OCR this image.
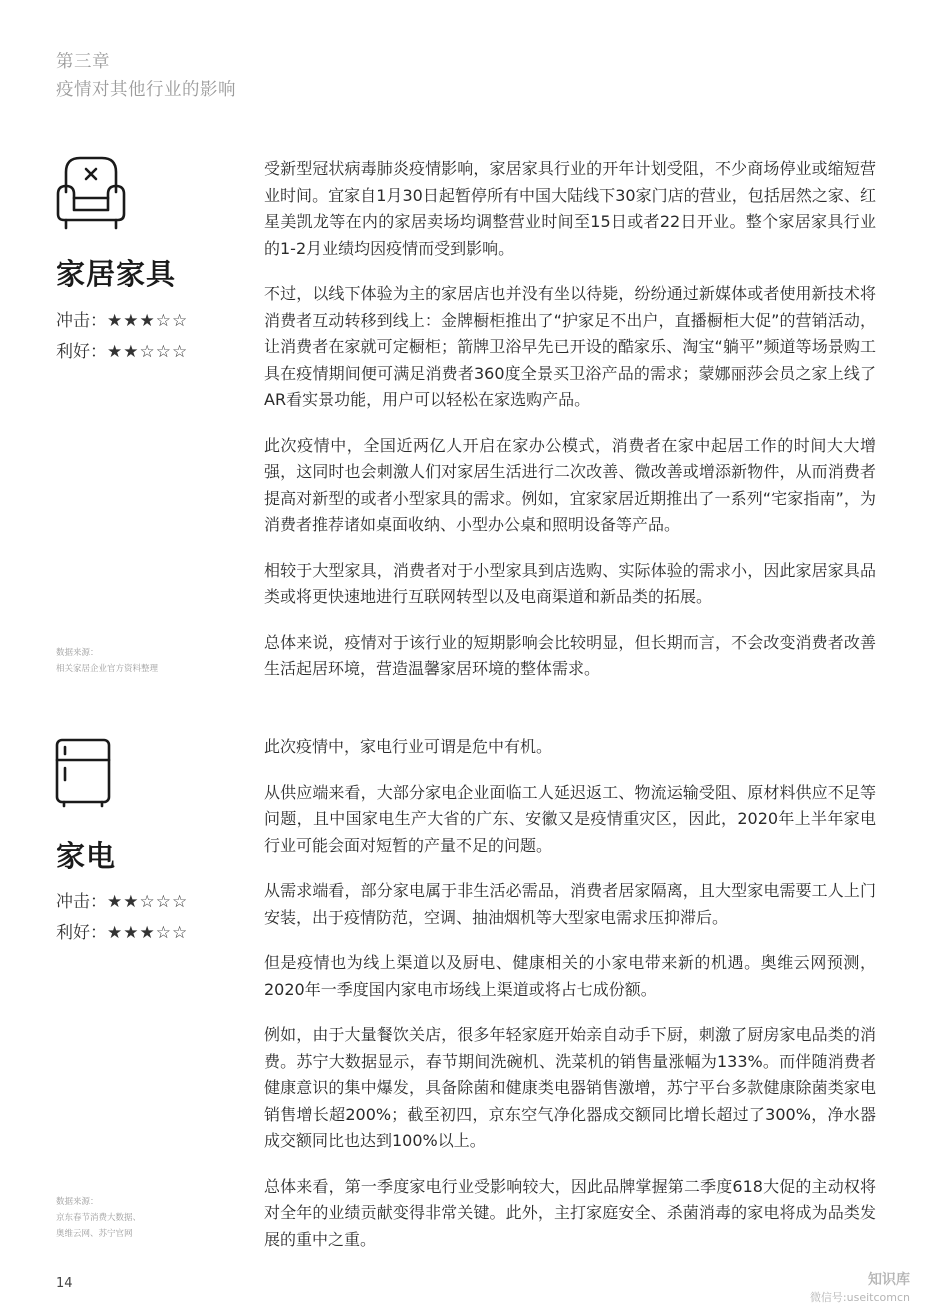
第三章
疫情对其他行业的影响
家居家具
冲击：★★★☆☆
利好：★★☆☆☆
数据来源：
相关家居企业官方资料整理

受新型冠状病毒肺炎疫情影响，家居家具行业的开年计划受阻，不少商场停业或缩短营业时间。宜家自1月30日起暂停所有中国大陆线下30家门店的营业，包括居然之家、红星美凯龙等在内的家居卖场均调整营业时间至15日或者22日开业。整个家居家具行业的1-2月业绩均因疫情而受到影响。

不过，以线下体验为主的家居店也并没有坐以待毙，纷纷通过新媒体或者使用新技术将消费者互动转移到线上：金牌橱柜推出了“护家足不出户，直播橱柜大促”的营销活动，让消费者在家就可定橱柜；箭牌卫浴早先已开设的酷家乐、淘宝“躺平”频道等场景购工具在疫情期间便可满足消费者360度全景买卫浴产品的需求；蒙娜丽莎会员之家上线了AR看实景功能，用户可以轻松在家选购产品。

此次疫情中，全国近两亿人开启在家办公模式，消费者在家中起居工作的时间大大增强，这同时也会刺激人们对家居生活进行二次改善、微改善或增添新物件，从而消费者提高对新型的或者小型家具的需求。例如，宜家家居近期推出了一系列“宅家指南”，为消费者推荐诸如桌面收纳、小型办公桌和照明设备等产品。

相较于大型家具，消费者对于小型家具到店选购、实际体验的需求小，因此家居家具品类或将更快速地进行互联网转型以及电商渠道和新品类的拓展。

总体来说，疫情对于该行业的短期影响会比较明显，但长期而言，不会改变消费者改善生活起居环境，营造温馨家居环境的整体需求。

家电
冲击：★★☆☆☆
利好：★★★☆☆
数据来源：
京东春节消费大数据、
奥维云网、苏宁官网

此次疫情中，家电行业可谓是危中有机。

从供应端来看，大部分家电企业面临工人延迟返工、物流运输受阻、原材料供应不足等问题，且中国家电生产大省的广东、安徽又是疫情重灾区，因此，2020年上半年家电行业可能会面对短暂的产量不足的问题。

从需求端看，部分家电属于非生活必需品，消费者居家隔离，且大型家电需要工人上门安装，出于疫情防范，空调、抽油烟机等大型家电需求压抑滞后。

但是疫情也为线上渠道以及厨电、健康相关的小家电带来新的机遇。奥维云网预测，2020年一季度国内家电市场线上渠道或将占七成份额。

例如，由于大量餐饮关店，很多年轻家庭开始亲自动手下厨，刺激了厨房家电品类的消费。苏宁大数据显示，春节期间洗碗机、洗菜机的销售量涨幅为133%。而伴随消费者健康意识的集中爆发，具备除菌和健康类电器销售激增，苏宁平台多款健康除菌类家电销售增长超200%；截至初四，京东空气净化器成交额同比增长超过了300%，净水器成交额同比也达到100%以上。

总体来看，第一季度家电行业受影响较大，因此品牌掌握第二季度618大促的主动权将对全年的业绩贡献变得非常关键。此外，主打家庭安全、杀菌消毒的家电将成为品类发展的重中之重。

14	知识库
微信号:useitcomcn
